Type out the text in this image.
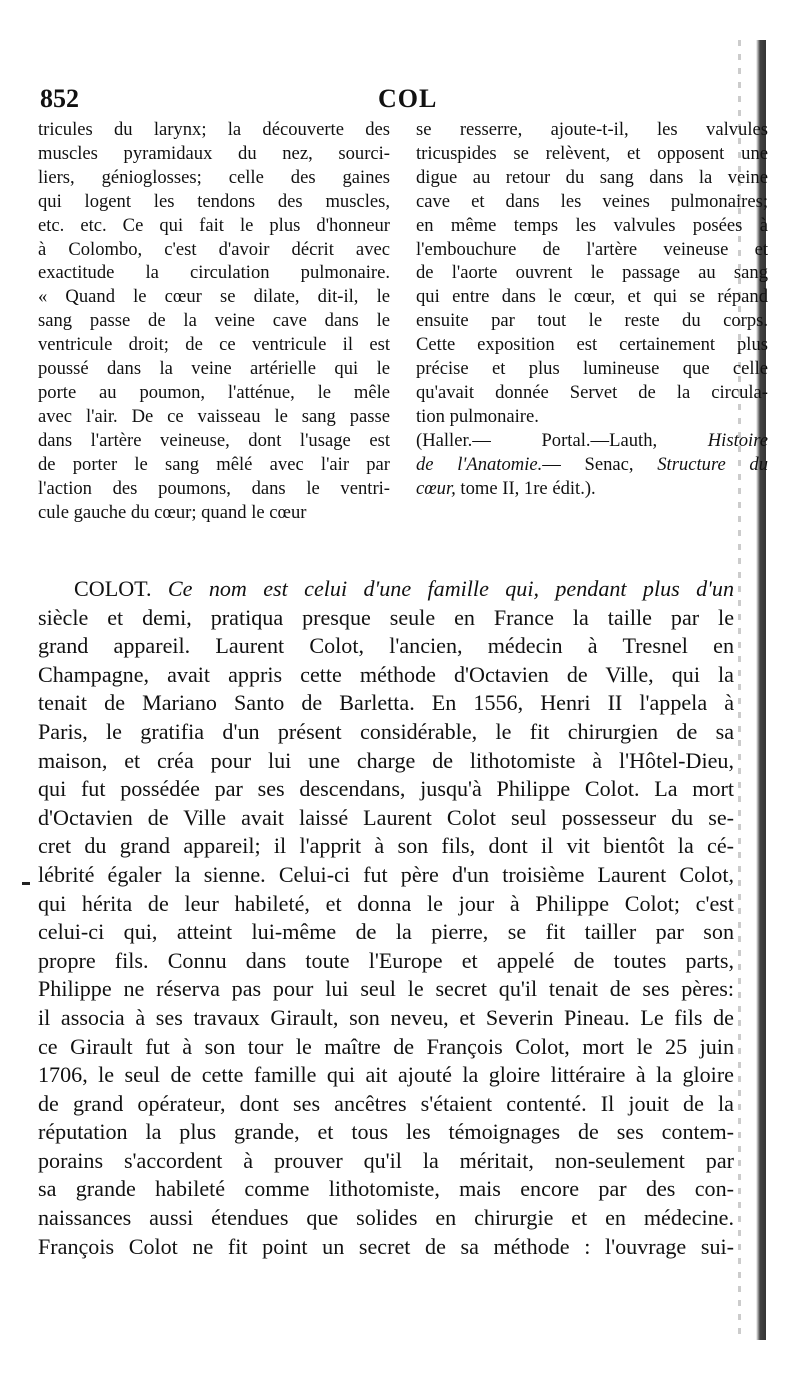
852	COL
tricules du larynx; la découverte des
muscles pyramidaux du nez, sourci-
liers, génioglosses; celle des gaines
qui logent les tendons des muscles,
etc. etc. Ce qui fait le plus d'honneur
à Colombo, c'est d'avoir décrit avec
exactitude la circulation pulmonaire.
« Quand le cœur se dilate, dit-il, le
sang passe de la veine cave dans le
ventricule droit; de ce ventricule il est
poussé dans la veine artérielle qui le
porte au poumon, l'atténue, le mêle
avec l'air. De ce vaisseau le sang passe
dans l'artère veineuse, dont l'usage est
de porter le sang mêlé avec l'air par
l'action des poumons, dans le ventri-
cule gauche du cœur; quand le cœur
se resserre, ajoute-t-il, les valvules
tricuspides se relèvent, et opposent une
digue au retour du sang dans la veine
cave et dans les veines pulmonaires;
en même temps les valvules posées à
l'embouchure de l'artère veineuse et
de l'aorte ouvrent le passage au sang
qui entre dans le cœur, et qui se répand
ensuite par tout le reste du corps.
Cette exposition est certainement plus
précise et plus lumineuse que celle
qu'avait donnée Servet de la circula-
tion pulmonaire.
(Haller.— Portal.—Lauth, Histoire
de l'Anatomie.— Senac, Structure du
cœur, tome II, 1re édit.).
COLOT. Ce nom est celui d'une famille qui, pendant plus d'un
siècle et demi, pratiqua presque seule en France la taille par le
grand appareil. Laurent Colot, l'ancien, médecin à Tresnel en
Champagne, avait appris cette méthode d'Octavien de Ville, qui la
tenait de Mariano Santo de Barletta. En 1556, Henri II l'appela à
Paris, le gratifia d'un présent considérable, le fit chirurgien de sa
maison, et créa pour lui une charge de lithotomiste à l'Hôtel-Dieu,
qui fut possédée par ses descendans, jusqu'à Philippe Colot. La mort
d'Octavien de Ville avait laissé Laurent Colot seul possesseur du se-
cret du grand appareil; il l'apprit à son fils, dont il vit bientôt la cé-
lébrité égaler la sienne. Celui-ci fut père d'un troisième Laurent Colot,
qui hérita de leur habileté, et donna le jour à Philippe Colot; c'est
celui-ci qui, atteint lui-même de la pierre, se fit tailler par son
propre fils. Connu dans toute l'Europe et appelé de toutes parts,
Philippe ne réserva pas pour lui seul le secret qu'il tenait de ses pères:
il associa à ses travaux Girault, son neveu, et Severin Pineau. Le fils de
ce Girault fut à son tour le maître de François Colot, mort le 25 juin
1706, le seul de cette famille qui ait ajouté la gloire littéraire à la gloire
de grand opérateur, dont ses ancêtres s'étaient contenté. Il jouit de la
réputation la plus grande, et tous les témoignages de ses contem-
porains s'accordent à prouver qu'il la méritait, non-seulement par
sa grande habileté comme lithotomiste, mais encore par des con-
naissances aussi étendues que solides en chirurgie et en médecine.
François Colot ne fit point un secret de sa méthode : l'ouvrage sui-
